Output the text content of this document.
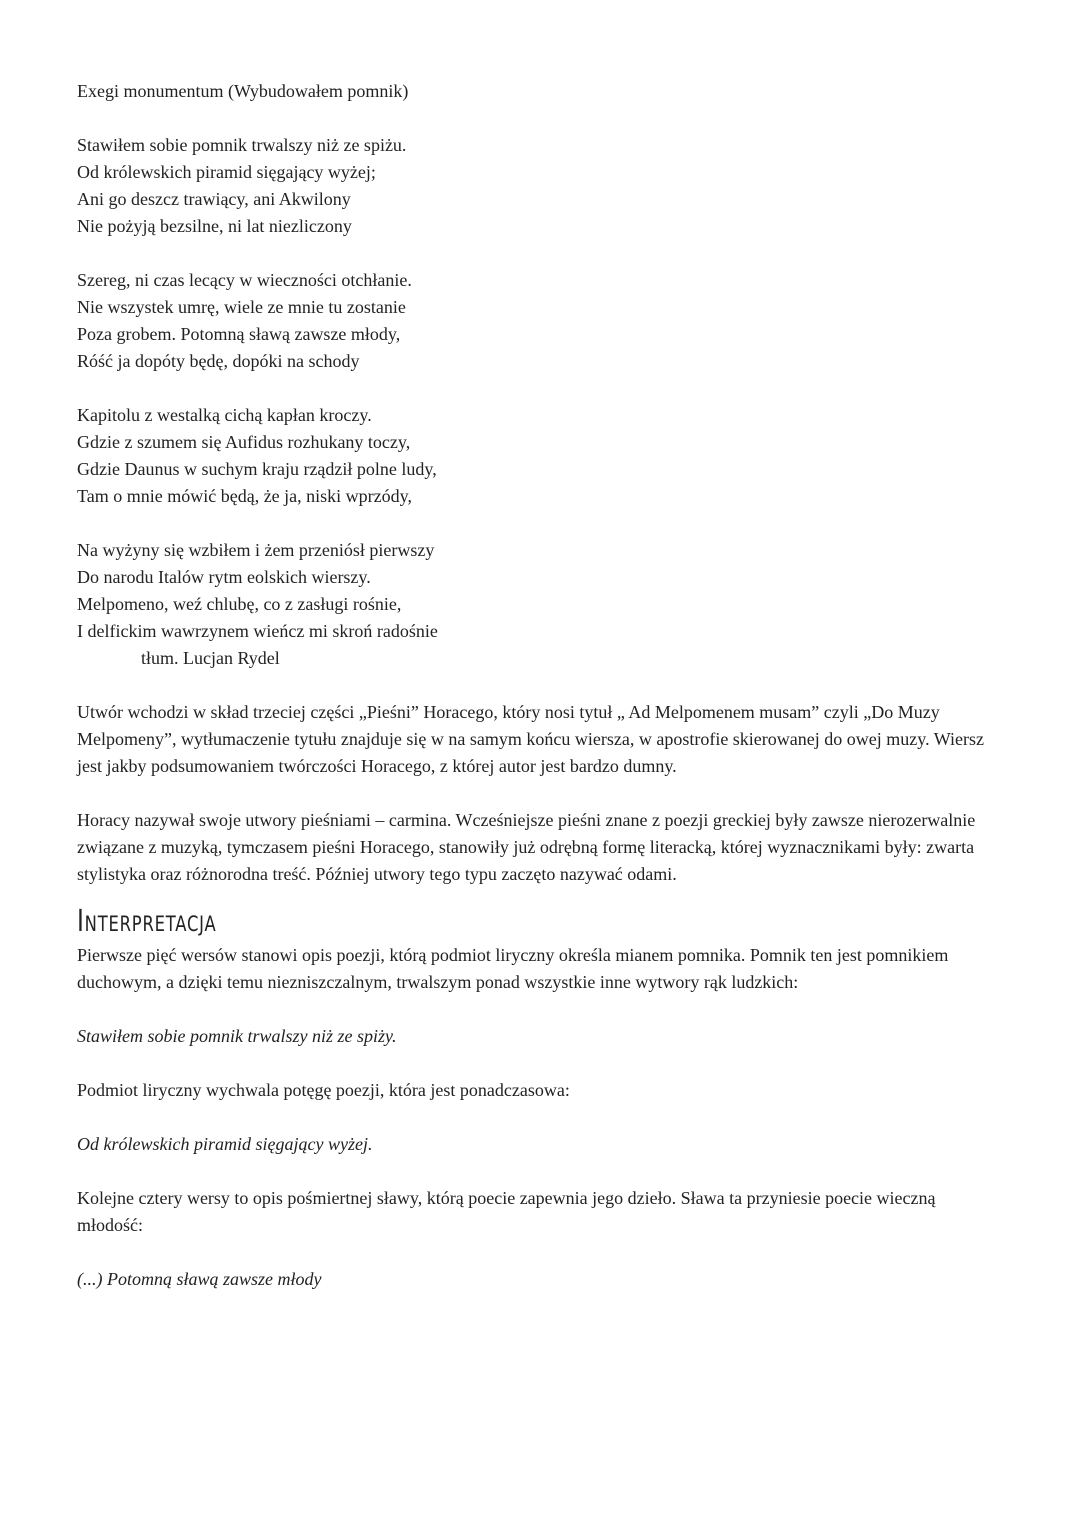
Exegi monumentum (Wybudowałem pomnik)

Stawiłem sobie pomnik trwalszy niż ze spiżu.

Od królewskich piramid sięgający wyżej;

Ani go deszcz trawiący, ani Akwilony

Nie pożyją bezsilne, ni lat niezliczony

Szereg, ni czas lecący w wieczności otchłanie.

Nie wszystek umrę, wiele ze mnie tu zostanie

Poza grobem. Potomną sławą zawsze młody,

Róść ja dopóty będę, dopóki na schody

Kapitolu z westalką cichą kapłan kroczy.

Gdzie z szumem się Aufidus rozhukany toczy,

Gdzie Daunus w suchym kraju rządził polne ludy,

Tam o mnie mówić będą, że ja, niski wprzódy,

Na wyżyny się wzbiłem i żem przeniósł pierwszy

Do narodu Italów rytm eolskich wierszy.

Melpomeno, weź chlubę, co z zasługi rośnie,

I delfickim wawrzynem wieńcz mi skroń radośnie

tłum. Lucjan Rydel

Utwór wchodzi w skład trzeciej części „Pieśni” Horacego, który nosi tytuł „ Ad Melpomenem musam” czyli „Do Muzy Melpomeny”, wytłumaczenie tytułu znajduje się w na samym końcu wiersza, w apostrofie skierowanej do owej muzy. Wiersz jest jakby podsumowaniem twórczości Horacego, z której autor jest bardzo dumny.

Horacy nazywał swoje utwory pieśniami – carmina. Wcześniejsze pieśni znane z poezji greckiej były zawsze nierozerwalnie związane z muzyką, tymczasem pieśni Horacego, stanowiły już odrębną formę literacką, której wyznacznikami były: zwarta stylistyka oraz różnorodna treść. Później utwory tego typu zaczęto nazywać odami.

Interpretacja

Pierwsze pięć wersów stanowi opis poezji, którą podmiot liryczny określa mianem pomnika. Pomnik ten jest pomnikiem duchowym, a dzięki temu niezniszczalnym, trwalszym ponad wszystkie inne wytwory rąk ludzkich:

Stawiłem sobie pomnik trwalszy niż ze spiży.

Podmiot liryczny wychwala potęgę poezji, która jest ponadczasowa:

Od królewskich piramid sięgający wyżej.

Kolejne cztery wersy to opis pośmiertnej sławy, którą poecie zapewnia jego dzieło. Sława ta przyniesie poecie wieczną młodość:

(...) Potomną sławą zawsze młody
